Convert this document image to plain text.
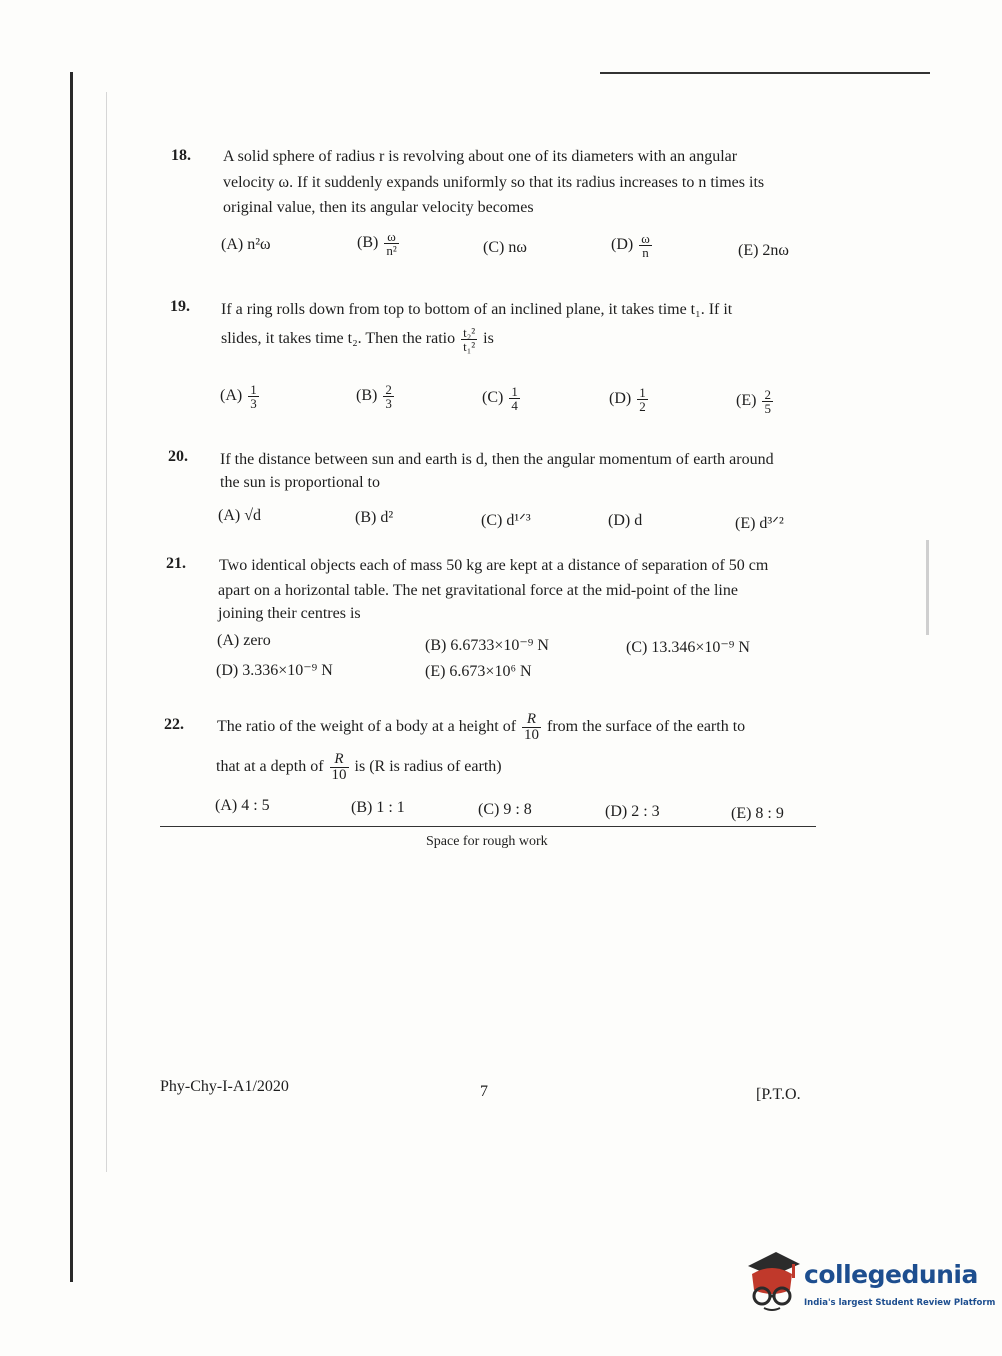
18. A solid sphere of radius r is revolving about one of its diameters with an angular
velocity ω. If it suddenly expands uniformly so that its radius increases to n times its
original value, then its angular velocity becomes
(A) n²ω	$(B) \frac{\omega}{\text{n²}}$	(C) nω	$(D) \frac{\omega}{n}$	(E) 2nω
19. If a ring rolls down from top to bottom of an inclined plane, it takes time t₁. If it
slides, it takes time t₂. Then the ratio $\frac{\text{t₂²}}{\text{t₁²}}$ is
$(A) \frac{1}{3}$	$(B) \frac{2}{3}$	$(C) \frac{1}{4}$	$(D) \frac{1}{2}$	$(E) \frac{2}{5}$
20. If the distance between sun and earth is d, then the angular momentum of earth around
the sun is proportional to
(A) √d	(B) d²	(C) d¹ᐟ³	(D) d	(E) d³ᐟ²
21. Two identical objects each of mass 50 kg are kept at a distance of separation of 50 cm
apart on a horizontal table. The net gravitational force at the mid-point of the line
joining their centres is
(A) zero	(B) 6.6733×10⁻⁹ N	(C) 13.346×10⁻⁹ N
(D) 3.336×10⁻⁹ N	(E) 6.673×10⁶ N
22. The ratio of the weight of a body at a height of $\frac{R}{10}$ from the surface of the earth to
that at a depth of $\frac{R}{10}$ is (R is radius of earth)
(A) 4 : 5	(B) 1 : 1	(C) 9 : 8	(D) 2 : 3	(E) 8 : 9
Space for rough work
Phy-Chy-I-A1/2020	7	[P.T.O.
collegedunia
India's largest Student Review Platform
